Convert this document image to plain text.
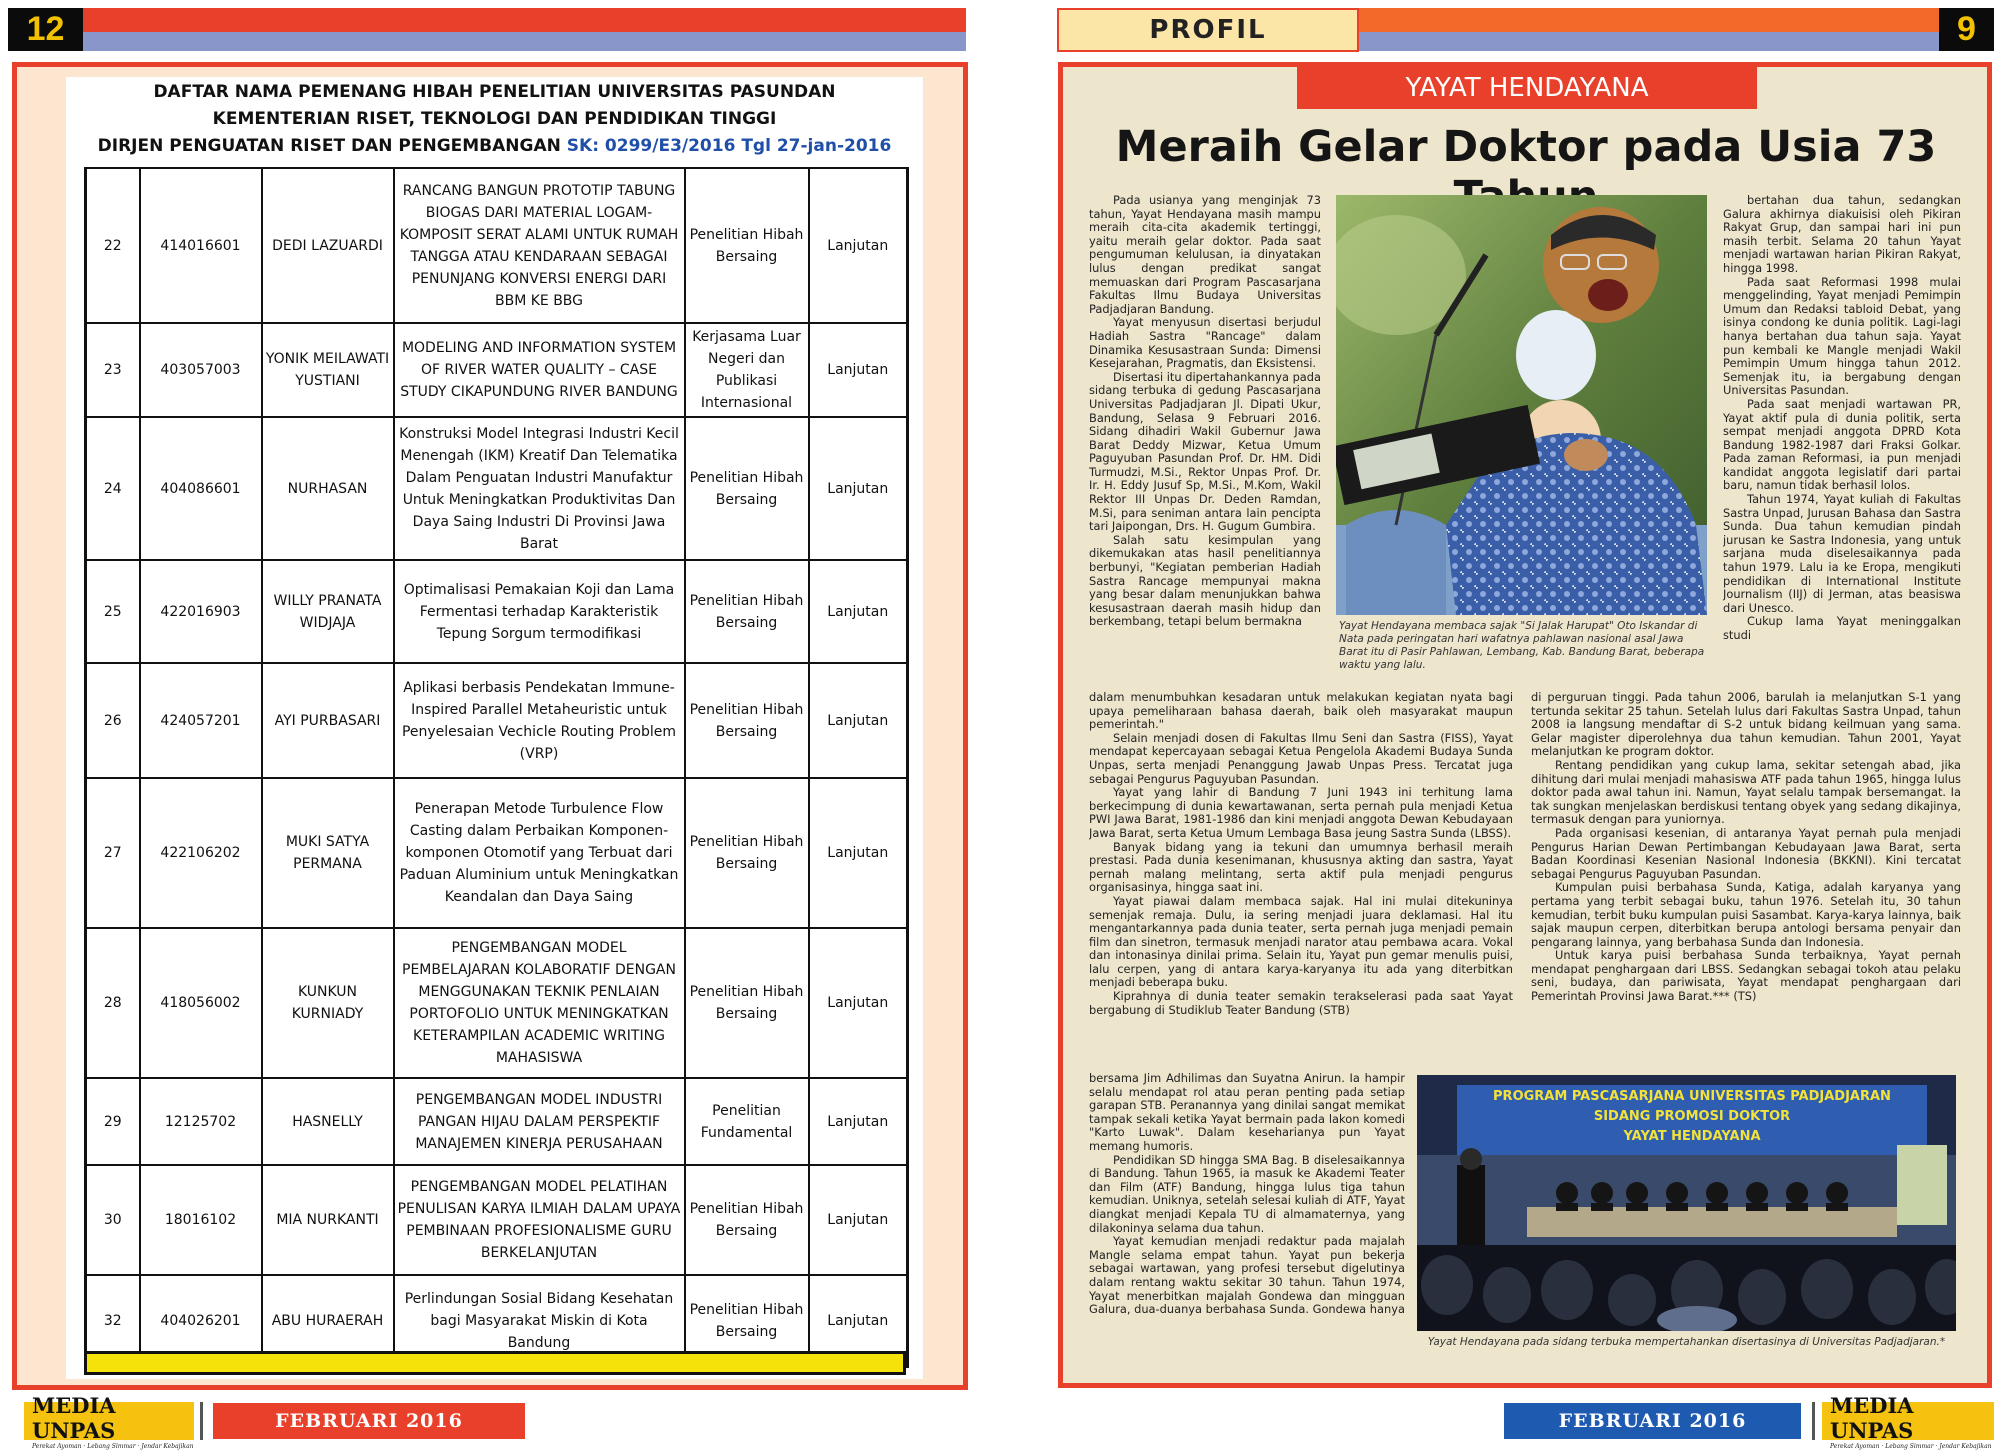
12
DAFTAR NAMA PEMENANG HIBAH PENELITIAN UNIVERSITAS PASUNDAN
KEMENTERIAN RISET, TEKNOLOGI DAN PENDIDIKAN TINGGI
DIRJEN PENGUATAN RISET DAN PENGEMBANGAN SK: 0299/E3/2016 Tgl 27-jan-2016
22	414016601	DEDI LAZUARDI	RANCANG BANGUN PROTOTIP TABUNG BIOGAS DARI MATERIAL LOGAM-KOMPOSIT SERAT ALAMI UNTUK RUMAH TANGGA ATAU KENDARAAN SEBAGAI PENUNJANG KONVERSI ENERGI DARI BBM KE BBG	Penelitian Hibah Bersaing	Lanjutan
23	403057003	YONIK MEILAWATI YUSTIANI	MODELING AND INFORMATION SYSTEM OF RIVER WATER QUALITY – CASE STUDY CIKAPUNDUNG RIVER BANDUNG	Kerjasama Luar Negeri dan Publikasi Internasional	Lanjutan
24	404086601	NURHASAN	Konstruksi Model Integrasi Industri Kecil Menengah (IKM) Kreatif Dan Telematika Dalam Penguatan Industri Manufaktur Untuk Meningkatkan Produktivitas Dan Daya Saing Industri Di Provinsi Jawa Barat	Penelitian Hibah Bersaing	Lanjutan
25	422016903	WILLY PRANATA WIDJAJA	Optimalisasi Pemakaian Koji dan Lama Fermentasi terhadap Karakteristik Tepung Sorgum termodifikasi	Penelitian Hibah Bersaing	Lanjutan
26	424057201	AYI PURBASARI	Aplikasi berbasis Pendekatan Immune-Inspired Parallel Metaheuristic untuk Penyelesaian Vechicle Routing Problem (VRP)	Penelitian Hibah Bersaing	Lanjutan
27	422106202	MUKI SATYA PERMANA	Penerapan Metode Turbulence Flow Casting dalam Perbaikan Komponen-komponen Otomotif yang Terbuat dari Paduan Aluminium untuk Meningkatkan Keandalan dan Daya Saing	Penelitian Hibah Bersaing	Lanjutan
28	418056002	KUNKUN KURNIADY	PENGEMBANGAN MODEL PEMBELAJARAN KOLABORATIF DENGAN MENGGUNAKAN TEKNIK PENLAIAN PORTOFOLIO UNTUK MENINGKATKAN KETERAMPILAN ACADEMIC WRITING MAHASISWA	Penelitian Hibah Bersaing	Lanjutan
29	12125702	HASNELLY	PENGEMBANGAN MODEL INDUSTRI PANGAN HIJAU DALAM PERSPEKTIF MANAJEMEN KINERJA PERUSAHAAN	Penelitian Fundamental	Lanjutan
30	18016102	MIA NURKANTI	PENGEMBANGAN MODEL PELATIHAN PENULISAN KARYA ILMIAH DALAM UPAYA PEMBINAAN PROFESIONALISME GURU BERKELANJUTAN	Penelitian Hibah Bersaing	Lanjutan
32	404026201	ABU HURAERAH	Perlindungan Sosial Bidang Kesehatan bagi Masyarakat Miskin di Kota Bandung	Penelitian Hibah Bersaing	Lanjutan
PROFIL	9
YAYAT HENDAYANA
Meraih Gelar Doktor pada Usia 73

Pada usianya yang menginjak 73 tahun, Yayat Hendayana masih mampu meraih cita-cita akademik tertinggi, yaitu meraih gelar doktor. Pada saat pengumuman kelulusan, ia dinyatakan lulus dengan predikat sangat memuaskan dari Program Pascasarjana Fakultas Ilmu Budaya Universitas Padjadjaran Bandung.

Yayat menyusun disertasi berjudul Hadiah Sastra "Rancage" dalam Dinamika Kesusastraan Sunda: Dimensi Kesejarahan, Pragmatis, dan Eksistensi.

Disertasi itu dipertahankannya pada sidang terbuka di gedung Pascasarjana Universitas Padjadjaran Jl. Dipati Ukur, Bandung, Selasa 9 Februari 2016. Sidang dihadiri Wakil Gubernur Jawa Barat Deddy Mizwar, Ketua Umum Paguyuban Pasundan Prof. Dr. HM. Didi Turmudzi, M.Si., Rektor Unpas Prof. Dr. Ir. H. Eddy Jusuf Sp, M.Si., M.Kom, Wakil Rektor III Unpas Dr. Deden Ramdan, M.Si, para seniman antara lain pencipta tari Jaipongan, Drs. H. Gugum Gumbira.

Salah satu kesimpulan yang dikemukakan atas hasil penelitiannya berbunyi, "Kegiatan pemberian Hadiah Sastra Rancage mempunyai makna yang besar dalam menunjukkan bahwa kesusastraan daerah masih hidup dan berkembang, tetapi belum bermakna

dalam menumbuhkan kesadaran untuk melakukan kegiatan nyata bagi upaya pemeliharaan bahasa daerah, baik oleh masyarakat maupun pemerintah."

Selain menjadi dosen di Fakultas Ilmu Seni dan Sastra (FISS), Yayat mendapat kepercayaan sebagai Ketua Pengelola Akademi Budaya Sunda Unpas, serta menjadi Penanggung Jawab Unpas Press. Tercatat juga sebagai Pengurus Paguyuban Pasundan.

Yayat yang lahir di Bandung 7 Juni 1943 ini terhitung lama berkecimpung di dunia kewartawanan, serta pernah pula menjadi Ketua PWI Jawa Barat, 1981-1986 dan kini menjadi anggota Dewan Kebudayaan Jawa Barat, serta Ketua Umum Lembaga Basa jeung Sastra Sunda (LBSS).

Banyak bidang yang ia tekuni dan umumnya berhasil meraih prestasi. Pada dunia kesenimanan, khususnya akting dan sastra, Yayat pernah malang melintang, serta aktif pula menjadi pengurus organisasinya, hingga saat ini.

Yayat piawai dalam membaca sajak. Hal ini mulai ditekuninya semenjak remaja. Dulu, ia sering menjadi juara deklamasi. Hal itu mengantarkannya pada dunia teater, serta pernah juga menjadi pemain film dan sinetron, termasuk menjadi narator atau pembawa acara. Vokal dan intonasinya dinilai prima. Selain itu, Yayat pun gemar menulis puisi, lalu cerpen, yang di antara karya-karyanya itu ada yang diterbitkan menjadi beberapa buku.

Kiprahnya di dunia teater semakin terakselerasi pada saat Yayat bergabung di Studiklub Teater Bandung (STB)

bersama Jim Adhilimas dan Suyatna Anirun. Ia hampir selalu mendapat rol atau peran penting pada setiap garapan STB. Peranannya yang dinilai sangat memikat tampak sekali ketika Yayat bermain pada lakon komedi "Karto Luwak". Dalam keseharianya pun Yayat memang humoris.

Pendidikan SD hingga SMA Bag. B diselesaikannya di Bandung. Tahun 1965, ia masuk ke Akademi Teater dan Film (ATF) Bandung, hingga lulus tiga tahun kemudian. Uniknya, setelah selesai kuliah di ATF, Yayat diangkat menjadi Kepala TU di almamaternya, yang dilakoninya selama dua tahun.

Yayat kemudian menjadi redaktur pada majalah Mangle selama empat tahun. Yayat pun bekerja sebagai wartawan, yang profesi tersebut digelutinya dalam rentang waktu sekitar 30 tahun. Tahun 1974, Yayat menerbitkan majalah Gondewa dan mingguan Galura, dua-duanya berbahasa Sunda. Gondewa hanya

bertahan dua tahun, sedangkan Galura akhirnya diakuisisi oleh Pikiran Rakyat Grup, dan sampai hari ini pun masih terbit. Selama 20 tahun Yayat menjadi wartawan harian Pikiran Rakyat, hingga 1998.

Pada saat Reformasi 1998 mulai menggelinding, Yayat menjadi Pemimpin Umum dan Redaksi tabloid Debat, yang isinya condong ke dunia politik. Lagi-lagi hanya bertahan dua tahun saja. Yayat pun kembali ke Mangle menjadi Wakil Pemimpin Umum hingga tahun 2012. Semenjak itu, ia bergabung dengan Universitas Pasundan.

Pada saat menjadi wartawan PR, Yayat aktif pula di dunia politik, serta sempat menjadi anggota DPRD Kota Bandung 1982-1987 dari Fraksi Golkar. Pada zaman Reformasi, ia pun menjadi kandidat anggota legislatif dari partai baru, namun tidak berhasil lolos.

Tahun 1974, Yayat kuliah di Fakultas Sastra Unpad, Jurusan Bahasa dan Sastra Sunda. Dua tahun kemudian pindah jurusan ke Sastra Indonesia, yang untuk sarjana muda diselesaikannya pada tahun 1979. Lalu ia ke Eropa, mengikuti pendidikan di International Institute Journalism (IIJ) di Jerman, atas beasiswa dari Unesco.

Cukup lama Yayat meninggalkan studi

di perguruan tinggi. Pada tahun 2006, barulah ia melanjutkan S-1 yang tertunda sekitar 25 tahun. Setelah lulus dari Fakultas Sastra Unpad, tahun 2008 ia langsung mendaftar di S-2 untuk bidang keilmuan yang sama. Gelar magister diperolehnya dua tahun kemudian. Tahun 2001, Yayat melanjutkan ke program doktor.

Rentang pendidikan yang cukup lama, sekitar setengah abad, jika dihitung dari mulai menjadi mahasiswa ATF pada tahun 1965, hingga lulus doktor pada awal tahun ini. Namun, Yayat selalu tampak bersemangat. Ia tak sungkan menjelaskan berdiskusi tentang obyek yang sedang dikajinya, termasuk dengan para yuniornya.

Pada organisasi kesenian, di antaranya Yayat pernah pula menjadi Pengurus Harian Dewan Pertimbangan Kebudayaan Jawa Barat, serta Badan Koordinasi Kesenian Nasional Indonesia (BKKNI). Kini tercatat sebagai Pengurus Paguyuban Pasundan.

Kumpulan puisi berbahasa Sunda, Katiga, adalah karyanya yang pertama yang terbit sebagai buku, tahun 1976. Setelah itu, 30 tahun kemudian, terbit buku kumpulan puisi Sasambat. Karya-karya lainnya, baik sajak maupun cerpen, diterbitkan berupa antologi bersama penyair dan pengarang lainnya, yang berbahasa Sunda dan Indonesia.

Untuk karya puisi berbahasa Sunda terbaiknya, Yayat pernah mendapat penghargaan dari LBSS. Sedangkan sebagai tokoh atau pelaku seni, budaya, dan pariwisata, Yayat mendapat penghargaan dari Pemerintah Provinsi Jawa Barat.*** (TS)

Yayat Hendayana membaca sajak "Si Jalak Harupat" Oto Iskandar di Nata pada peringatan hari wafatnya pahlawan nasional asal Jawa Barat itu di Pasir Pahlawan, Lembang, Kab. Bandung Barat, beberapa waktu yang lalu.
PROGRAM PASCASARJANA UNIVERSITAS PADJADJARAN
SIDANG PROMOSI DOKTOR
YAYAT HENDAYANA
Yayat Hendayana pada sidang terbuka mempertahankan disertasinya di Universitas Padjadjaran.*
MEDIA UNPAS
Perekat Ayoman · Lebang Simmar · Jendar Kebajikan
FEBRUARI 2016	FEBRUARI 2016
MEDIA UNPAS
Perekat Ayoman · Lebang Simmar · Jendar Kebajikan
